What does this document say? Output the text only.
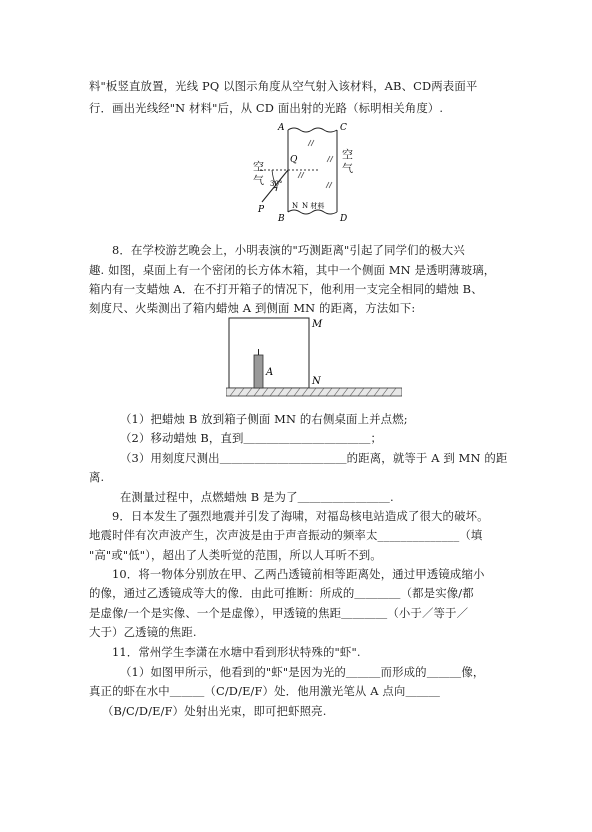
料"板竖直放置，光线 PQ 以图示角度从空气射入该材料，AB、CD两表面平
行．画出光线经"N 材料"后，从 CD 面出射的光路（标明相关角度）.
A	C
Q
P
B	D
30°
N N 材料
空气
空气
8．在学校游艺晚会上，小明表演的"巧测距离"引起了同学们的极大兴
趣. 如图，桌面上有一个密闭的长方体木箱，其中一个侧面 MN 是透明薄玻璃，
箱内有一支蜡烛 A．在不打开箱子的情况下，他利用一支完全相同的蜡烛 B、
刻度尺、火柴测出了箱内蜡烛 A 到侧面 MN 的距离，方法如下:
A
M
N
（1）把蜡烛 B 放到箱子侧面 MN 的右侧桌面上并点燃;
（2）移动蜡烛 B，直到＿＿＿＿＿＿＿＿＿＿＿；
（3）用刻度尺测出＿＿＿＿＿＿＿＿＿＿＿的距离，就等于 A 到 MN 的距
离.
在测量过程中，点燃蜡烛 B 是为了＿＿＿＿＿＿＿＿.
9．日本发生了强烈地震并引发了海啸，对福岛核电站造成了很大的破坏。
地震时伴有次声波产生，次声波是由于声音振动的频率太______________（填
"高"或"低"），超出了人类听觉的范围，所以人耳听不到。
10．将一物体分别放在甲、乙两凸透镜前相等距离处，通过甲透镜成缩小
的像，通过乙透镜成等大的像．由此可推断：所成的＿＿＿＿（都是实像/都
是虚像/一个是实像、一个是虚像），甲透镜的焦距＿＿＿＿（小于／等于／
大于）乙透镜的焦距.
11．常州学生李潇在水塘中看到形状特殊的"虾".
（1）如图甲所示，他看到的"虾"是因为光的＿＿＿而形成的＿＿＿像，
真正的虾在水中＿＿＿（C/D/E/F）处．他用激光笔从 A 点向＿＿＿
（B/C/D/E/F）处射出光束，即可把虾照亮.
